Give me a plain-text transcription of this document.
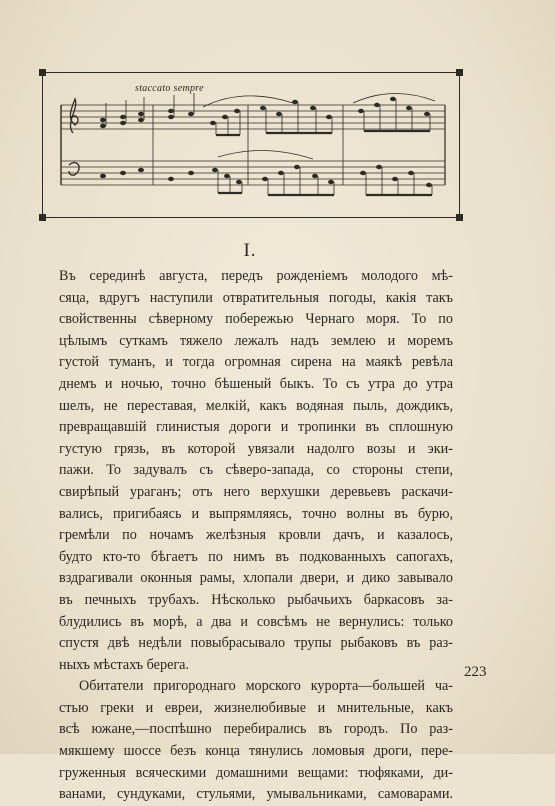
staccato sempre
I.
Въ серединѣ августа, передъ рожденіемъ молодого мѣ-
сяца, вдругъ наступили отвратительныя погоды, какія такъ
свойственны сѣверному побережью Чернаго моря. То по
цѣлымъ суткамъ тяжело лежалъ надъ землею и моремъ
густой туманъ, и тогда огромная сирена на маякѣ ревѣла
днемъ и ночью, точно бѣшеный быкъ. То съ утра до утра
шелъ, не переставая, мелкій, какъ водяная пыль, дождикъ,
превращавшій глинистыя дороги и тропинки въ сплошную
густую грязь, въ которой увязали надолго возы и эки-
пажи. То задувалъ съ сѣверо-запада, со стороны степи,
свирѣпый ураганъ; отъ него верхушки деревьевъ раскачи-
вались, пригибаясь и выпрямляясь, точно волны въ бурю,
гремѣли по ночамъ желѣзныя кровли дачъ, и казалось,
будто кто-то бѣгаетъ по нимъ въ подкованныхъ сапогахъ,
вздрагивали оконныя рамы, хлопали двери, и дико завывало
въ печныхъ трубахъ. Нѣсколько рыбачьихъ баркасовъ за-
блудились въ морѣ, а два и совсѣмъ не вернулись: только
спустя двѣ недѣли повыбрасывало трупы рыбаковъ въ раз-
ныхъ мѣстахъ берега.
Обитатели пригороднаго морского курорта—большей ча-
стью греки и евреи, жизнелюбивые и мнительные, какъ
всѣ южане,—поспѣшно перебирались въ городъ. По раз-
мякшему шоссе безъ конца тянулись ломовыя дроги, пере-
груженныя всяческими домашними вещами: тюфяками, ди-
ванами, сундуками, стульями, умывальниками, самоварами.
223
